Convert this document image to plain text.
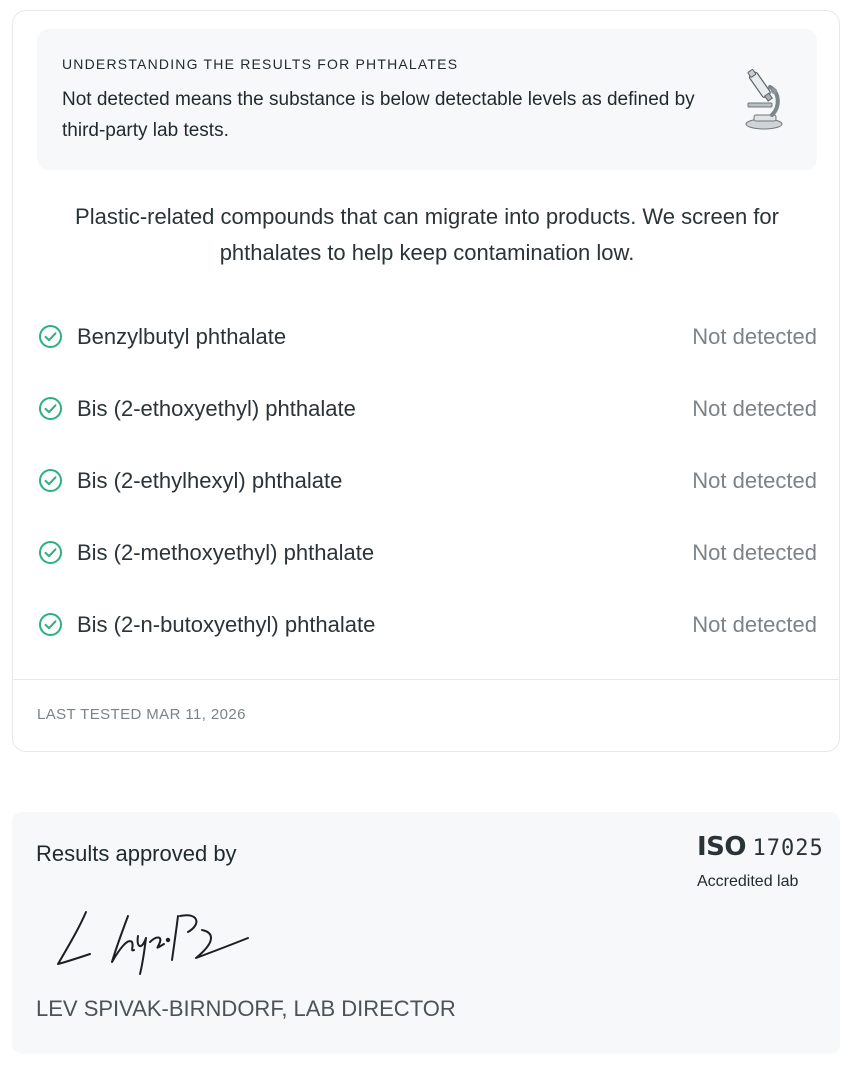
UNDERSTANDING THE RESULTS FOR PHTHALATES
Not detected means the substance is below detectable levels as defined by third-party lab tests.
Plastic-related compounds that can migrate into products. We screen for phthalates to help keep contamination low.
Benzylbutyl phthalate	Not detected
Bis (2-ethoxyethyl) phthalate	Not detected
Bis (2-ethylhexyl) phthalate	Not detected
Bis (2-methoxyethyl) phthalate	Not detected
Bis (2-n-butoxyethyl) phthalate	Not detected
LAST TESTED MAR 11, 2026
Results approved by	ISO 17025
Accredited lab
LEV SPIVAK-BIRNDORF, LAB DIRECTOR
